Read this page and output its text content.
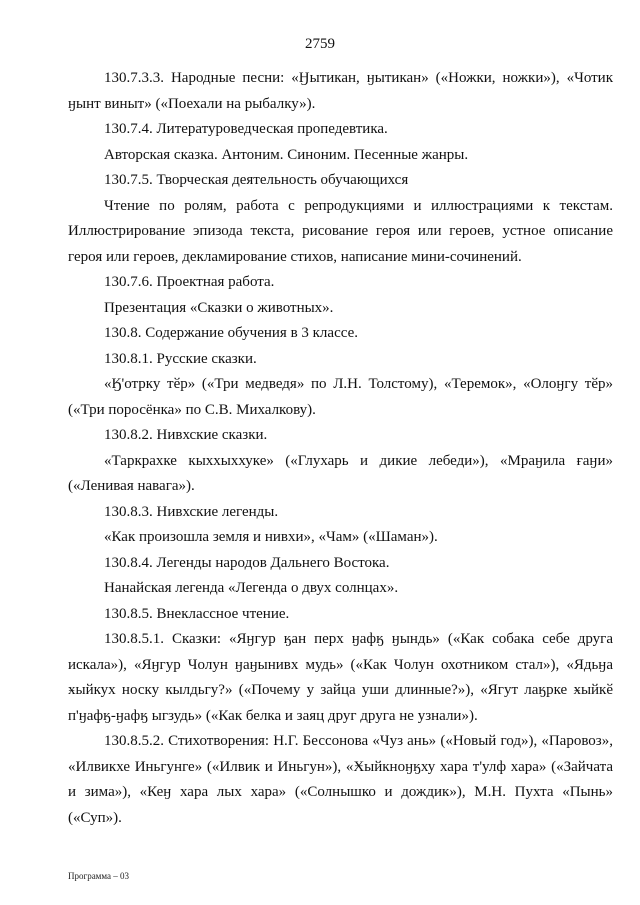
2759

130.7.3.3. Народные песни: «Ӈытикан, ӈытикан» («Ножки, ножки»), «Чотик ӈынт виныт» («Поехали на рыбалку»).

130.7.4. Литературоведческая пропедевтика.

Авторская сказка. Антоним. Синоним. Песенные жанры.

130.7.5. Творческая деятельность обучающихся

Чтение по ролям, работа с репродукциями и иллюстрациями к текстам. Иллюстрирование эпизода текста, рисование героя или героев, устное описание героя или героев, декламирование стихов, написание мини-сочинений.

130.7.6. Проектная работа.

Презентация «Сказки о животных».

130.8. Содержание обучения в 3 классе.

130.8.1. Русские сказки.

«Ӄ'отрку тӗр» («Три медведя» по Л.Н. Толстому), «Теремок», «Олоӈгу тӗр» («Три поросёнка» по С.В. Михалкову).

130.8.2. Нивхские сказки.

«Таркрахке кыххыххуке» («Глухарь и дикие лебеди»), «Мраӈила ғаӈи» («Ленивая навага»).

130.8.3. Нивхские легенды.

«Как произошла земля и нивхи», «Чам» («Шаман»).

130.8.4. Легенды народов Дальнего Востока.

Нанайская легенда «Легенда о двух солнцах».

130.8.5. Внеклассное чтение.

130.8.5.1. Сказки: «Яӈгур ӄан перх ӈафӄ ӈындь» («Как собака себе друга искала»), «Яӈгур Чолун ӈаӈынивх мудь» («Как Чолун охотником стал»), «Ядьӈа ӿыйкух носку кылдьгу?» («Почему у зайца уши длинные?»), «Ягут лаӄрке ӿыйкӗ п'ӈафӄ-ӈафӄ ыгзудь» («Как белка и заяц друг друга не узнали»).

130.8.5.2. Стихотворения: Н.Г. Бессонова «Чуз ань» («Новый год»), «Паровоз», «Илвикхе Иньгунге» («Илвик и Иньгун»), «Ӿыйкноӈӄху хара т'улф хара» («Зайчата и зима»), «Кеӈ хара лых хара» («Солнышко и дождик»), М.Н. Пухта «Пынь» («Суп»).

Программа – 03
